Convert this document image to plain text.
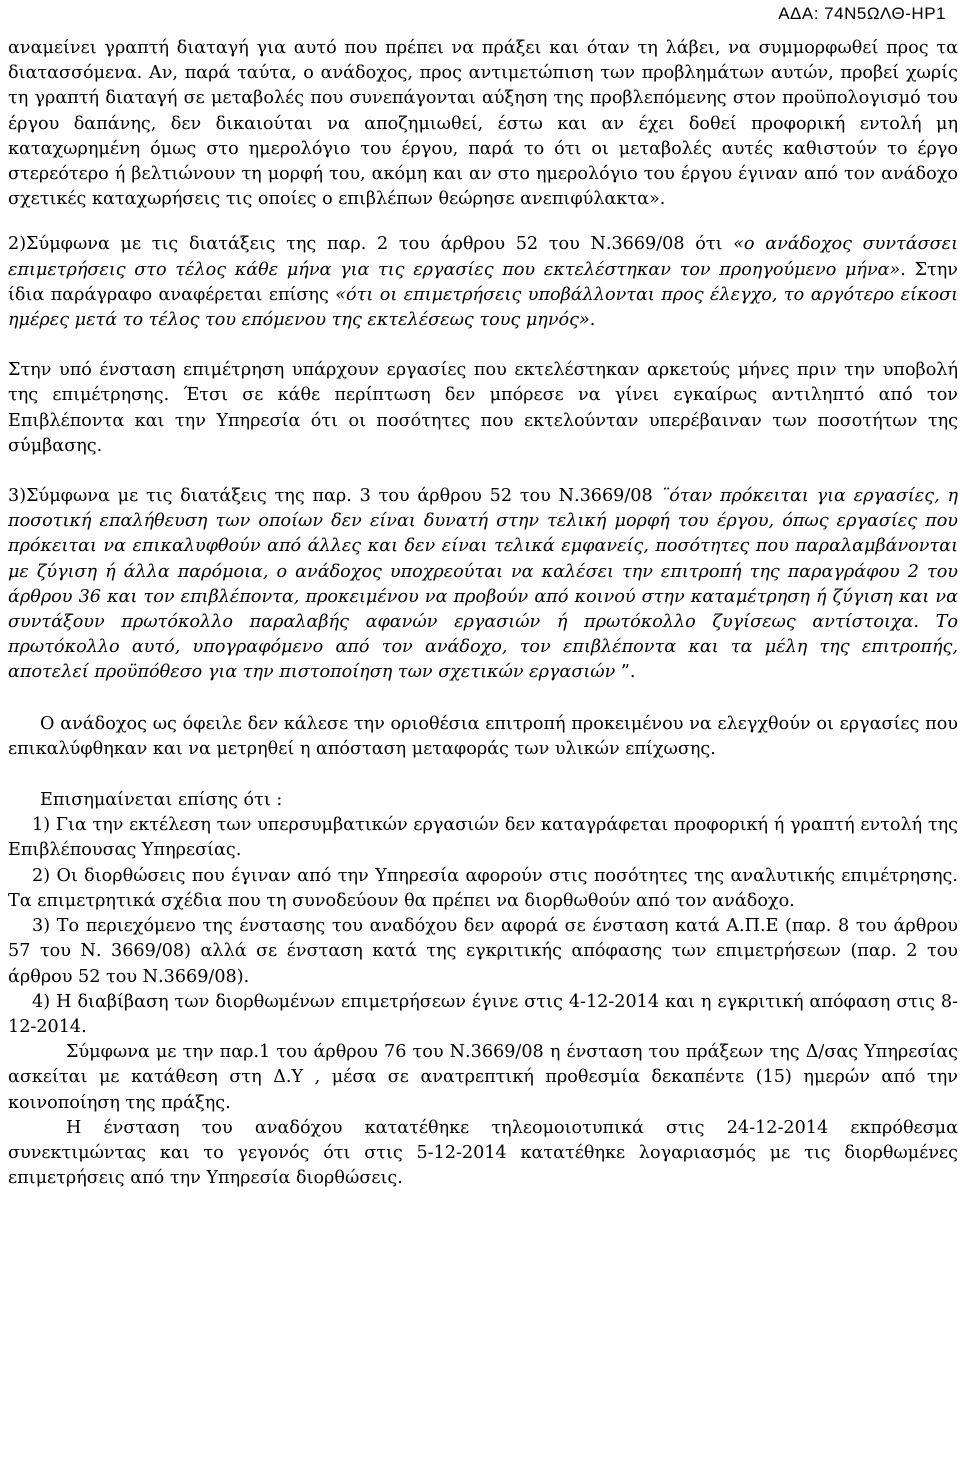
ΑΔΑ: 74Ν5ΩΛΘ-ΗΡ1

αναμείνει γραπτή διαταγή για αυτό που πρέπει να πράξει και όταν τη λάβει, να συμμορφωθεί προς τα διατασσόμενα. Αν, παρά ταύτα, ο ανάδοχος, προς αντιμετώπιση των προβλημάτων αυτών, προβεί χωρίς τη γραπτή διαταγή σε μεταβολές που συνεπάγονται αύξηση της προβλεπόμενης στον προϋπολογισμό του έργου δαπάνης, δεν δικαιούται να αποζημιωθεί, έστω και αν έχει δοθεί προφορική εντολή μη καταχωρημένη όμως στο ημερολόγιο του έργου, παρά το ότι οι μεταβολές αυτές καθιστούν το έργο στερεότερο ή βελτιώνουν τη μορφή του, ακόμη και αν στο ημερολόγιο του έργου έγιναν από τον ανάδοχο σχετικές καταχωρήσεις τις οποίες ο επιβλέπων θεώρησε ανεπιφύλακτα».

2)Σύμφωνα με τις διατάξεις της παρ. 2 του άρθρου 52 του Ν.3669/08 ότι «ο ανάδοχος συντάσσει επιμετρήσεις στο τέλος κάθε μήνα για τις εργασίες που εκτελέστηκαν τον προηγούμενο μήνα». Στην ίδια παράγραφο αναφέρεται επίσης «ότι οι επιμετρήσεις υποβάλλονται προς έλεγχο, το αργότερο είκοσι ημέρες μετά το τέλος του επόμενου της εκτελέσεως τους μηνός».

Στην υπό ένσταση επιμέτρηση υπάρχουν εργασίες που εκτελέστηκαν αρκετούς μήνες πριν την υποβολή της επιμέτρησης. Έτσι σε κάθε περίπτωση δεν μπόρεσε να γίνει εγκαίρως αντιληπτό από τον Επιβλέποντα και την Υπηρεσία ότι οι ποσότητες που εκτελούνταν υπερέβαιναν των ποσοτήτων της σύμβασης.

3)Σύμφωνα με τις διατάξεις της παρ. 3 του άρθρου 52 του Ν.3669/08 ¨όταν πρόκειται για εργασίες, η ποσοτική επαλήθευση των οποίων δεν είναι δυνατή στην τελική μορφή του έργου, όπως εργασίες που πρόκειται να επικαλυφθούν από άλλες και δεν είναι τελικά εμφανείς, ποσότητες που παραλαμβάνονται με ζύγιση ή άλλα παρόμοια, ο ανάδοχος υποχρεούται να καλέσει την επιτροπή της παραγράφου 2 του άρθρου 36 και τον επιβλέποντα, προκειμένου να προβούν από κοινού στην καταμέτρηση ή ζύγιση και να συντάξουν πρωτόκολλο παραλαβής αφανών εργασιών ή πρωτόκολλο ζυγίσεως αντίστοιχα. Το πρωτόκολλο αυτό, υπογραφόμενο από τον ανάδοχο, τον επιβλέποντα και τα μέλη της επιτροπής, αποτελεί προϋπόθεσο για την πιστοποίηση των σχετικών εργασιών ”.

Ο ανάδοχος ως όφειλε δεν κάλεσε την οριοθέσια επιτροπή προκειμένου να ελεγχθούν οι εργασίες που επικαλύφθηκαν και να μετρηθεί η απόσταση μεταφοράς των υλικών επίχωσης.

Επισημαίνεται επίσης ότι :

1) Για την εκτέλεση των υπερσυμβατικών εργασιών δεν καταγράφεται προφορική ή γραπτή εντολή της Επιβλέπουσας Υπηρεσίας.

2) Οι διορθώσεις που έγιναν από την Υπηρεσία αφορούν στις ποσότητες της αναλυτικής επιμέτρησης. Τα επιμετρητικά σχέδια που τη συνοδεύουν θα πρέπει να διορθωθούν από τον ανάδοχο.

3) Το περιεχόμενο της ένστασης του αναδόχου δεν αφορά σε ένσταση κατά Α.Π.Ε (παρ. 8 του άρθρου 57 του Ν. 3669/08) αλλά σε ένσταση κατά της εγκριτικής απόφασης των επιμετρήσεων (παρ. 2 του άρθρου 52 του Ν.3669/08).

4) Η διαβίβαση των διορθωμένων επιμετρήσεων έγινε στις 4-12-2014 και η εγκριτική απόφαση στις 8-12-2014.

Σύμφωνα με την παρ.1 του άρθρου 76 του Ν.3669/08 η ένσταση του πράξεων της Δ/σας Υπηρεσίας ασκείται με κατάθεση στη Δ.Υ , μέσα σε ανατρεπτική προθεσμία δεκαπέντε (15) ημερών από την κοινοποίηση της πράξης.

Η ένσταση του αναδόχου κατατέθηκε τηλεομοιοτυπικά στις 24-12-2014 εκπρόθεσμα συνεκτιμώντας και το γεγονός ότι στις 5-12-2014 κατατέθηκε λογαριασμός με τις διορθωμένες επιμετρήσεις από την Υπηρεσία διορθώσεις.
